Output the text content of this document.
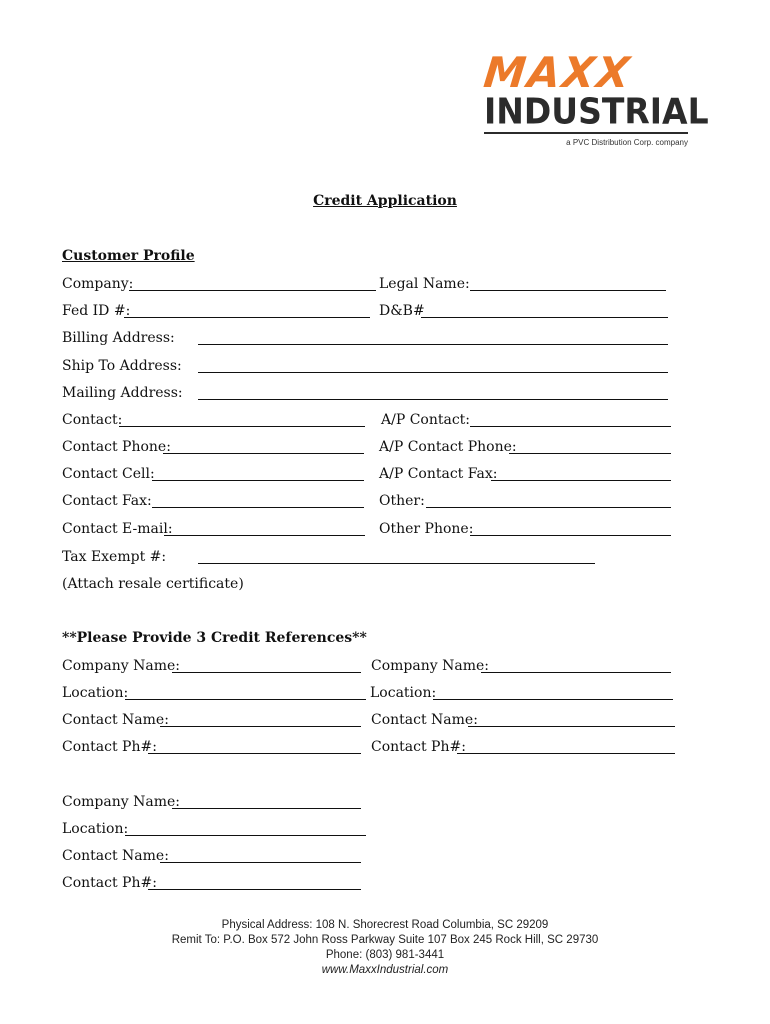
MAXX
INDUSTRIAL
a PVC Distribution Corp. company
Credit Application
Customer Profile
Company:	Legal Name:
Fed ID #:	D&B#
Billing Address:
Ship To Address:
Mailing Address:
Contact:	A/P Contact:
Contact Phone:	A/P Contact Phone:
Contact Cell:	A/P Contact Fax:
Contact Fax:	Other:
Contact E-mail:	Other Phone:
Tax Exempt #:
(Attach resale certificate)
**Please Provide 3 Credit References**
Company Name:
Location:
Contact Name:
Contact Ph#:
Company Name:
Location:
Contact Name:
Contact Ph#:
Company Name:
Location:
Contact Name:
Contact Ph#:
Physical Address: 108 N. Shorecrest Road Columbia, SC 29209
Remit To: P.O. Box 572 John Ross Parkway Suite 107 Box 245 Rock Hill, SC 29730
Phone: (803) 981-3441
www.MaxxIndustrial.com
